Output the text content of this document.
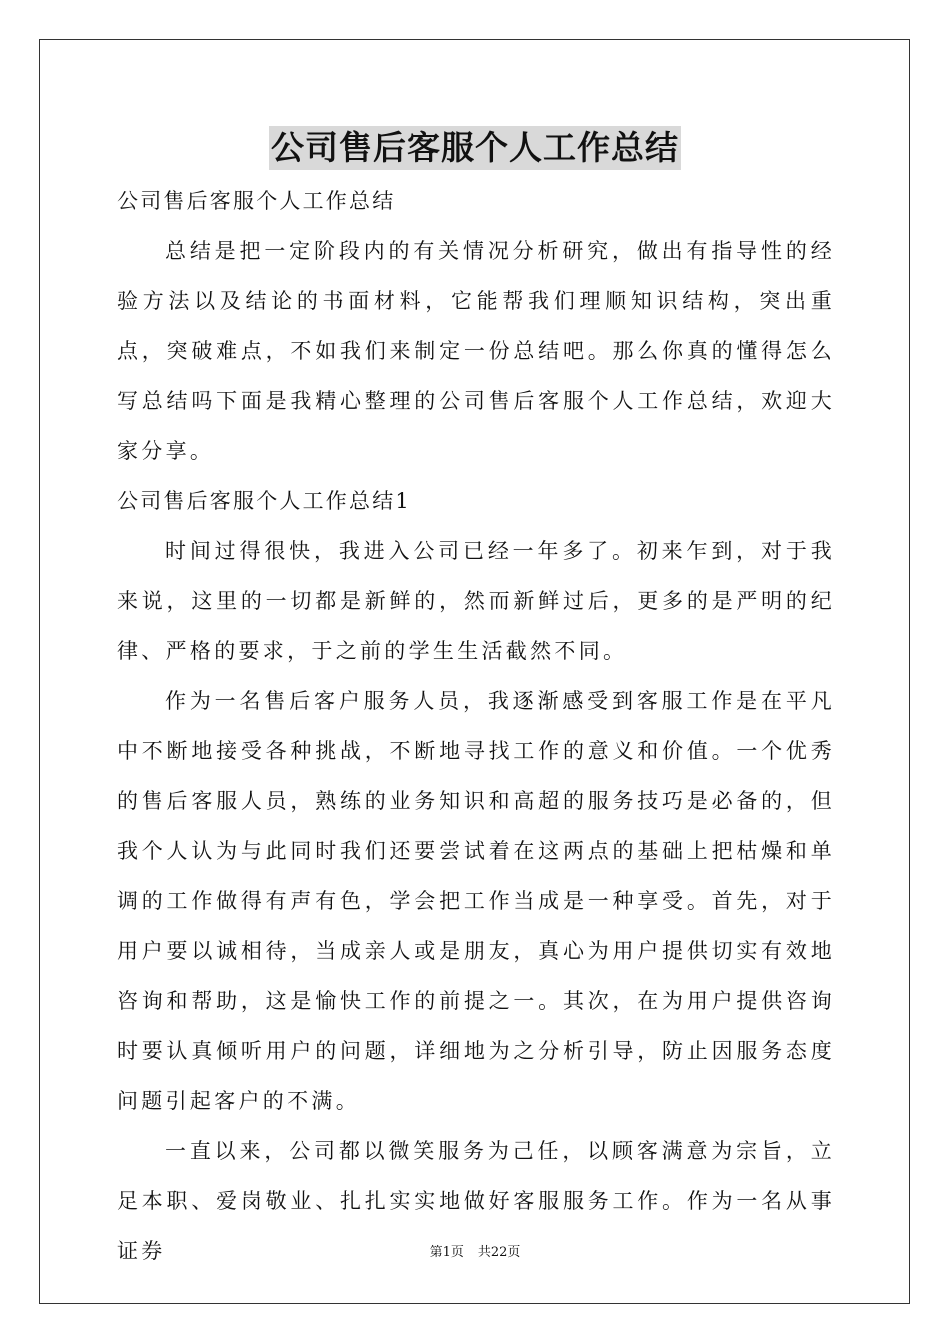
公司售后客服个人工作总结

公司售后客服个人工作总结

总结是把一定阶段内的有关情况分析研究，做出有指导性的经验方法以及结论的书面材料，它能帮我们理顺知识结构，突出重点，突破难点，不如我们来制定一份总结吧。那么你真的懂得怎么写总结吗下面是我精心整理的公司售后客服个人工作总结，欢迎大家分享。

公司售后客服个人工作总结1

时间过得很快，我进入公司已经一年多了。初来乍到，对于我来说，这里的一切都是新鲜的，然而新鲜过后，更多的是严明的纪律、严格的要求，于之前的学生生活截然不同。

作为一名售后客户服务人员，我逐渐感受到客服工作是在平凡中不断地接受各种挑战，不断地寻找工作的意义和价值。一个优秀的售后客服人员，熟练的业务知识和高超的服务技巧是必备的，但我个人认为与此同时我们还要尝试着在这两点的基础上把枯燥和单调的工作做得有声有色，学会把工作当成是一种享受。首先，对于用户要以诚相待，当成亲人或是朋友，真心为用户提供切实有效地咨询和帮助，这是愉快工作的前提之一。其次，在为用户提供咨询时要认真倾听用户的问题，详细地为之分析引导，防止因服务态度问题引起客户的不满。

一直以来，公司都以微笑服务为己任，以顾客满意为宗旨，立足本职、爱岗敬业、扎扎实实地做好客服服务工作。作为一名从事证券	第1页 共22页
